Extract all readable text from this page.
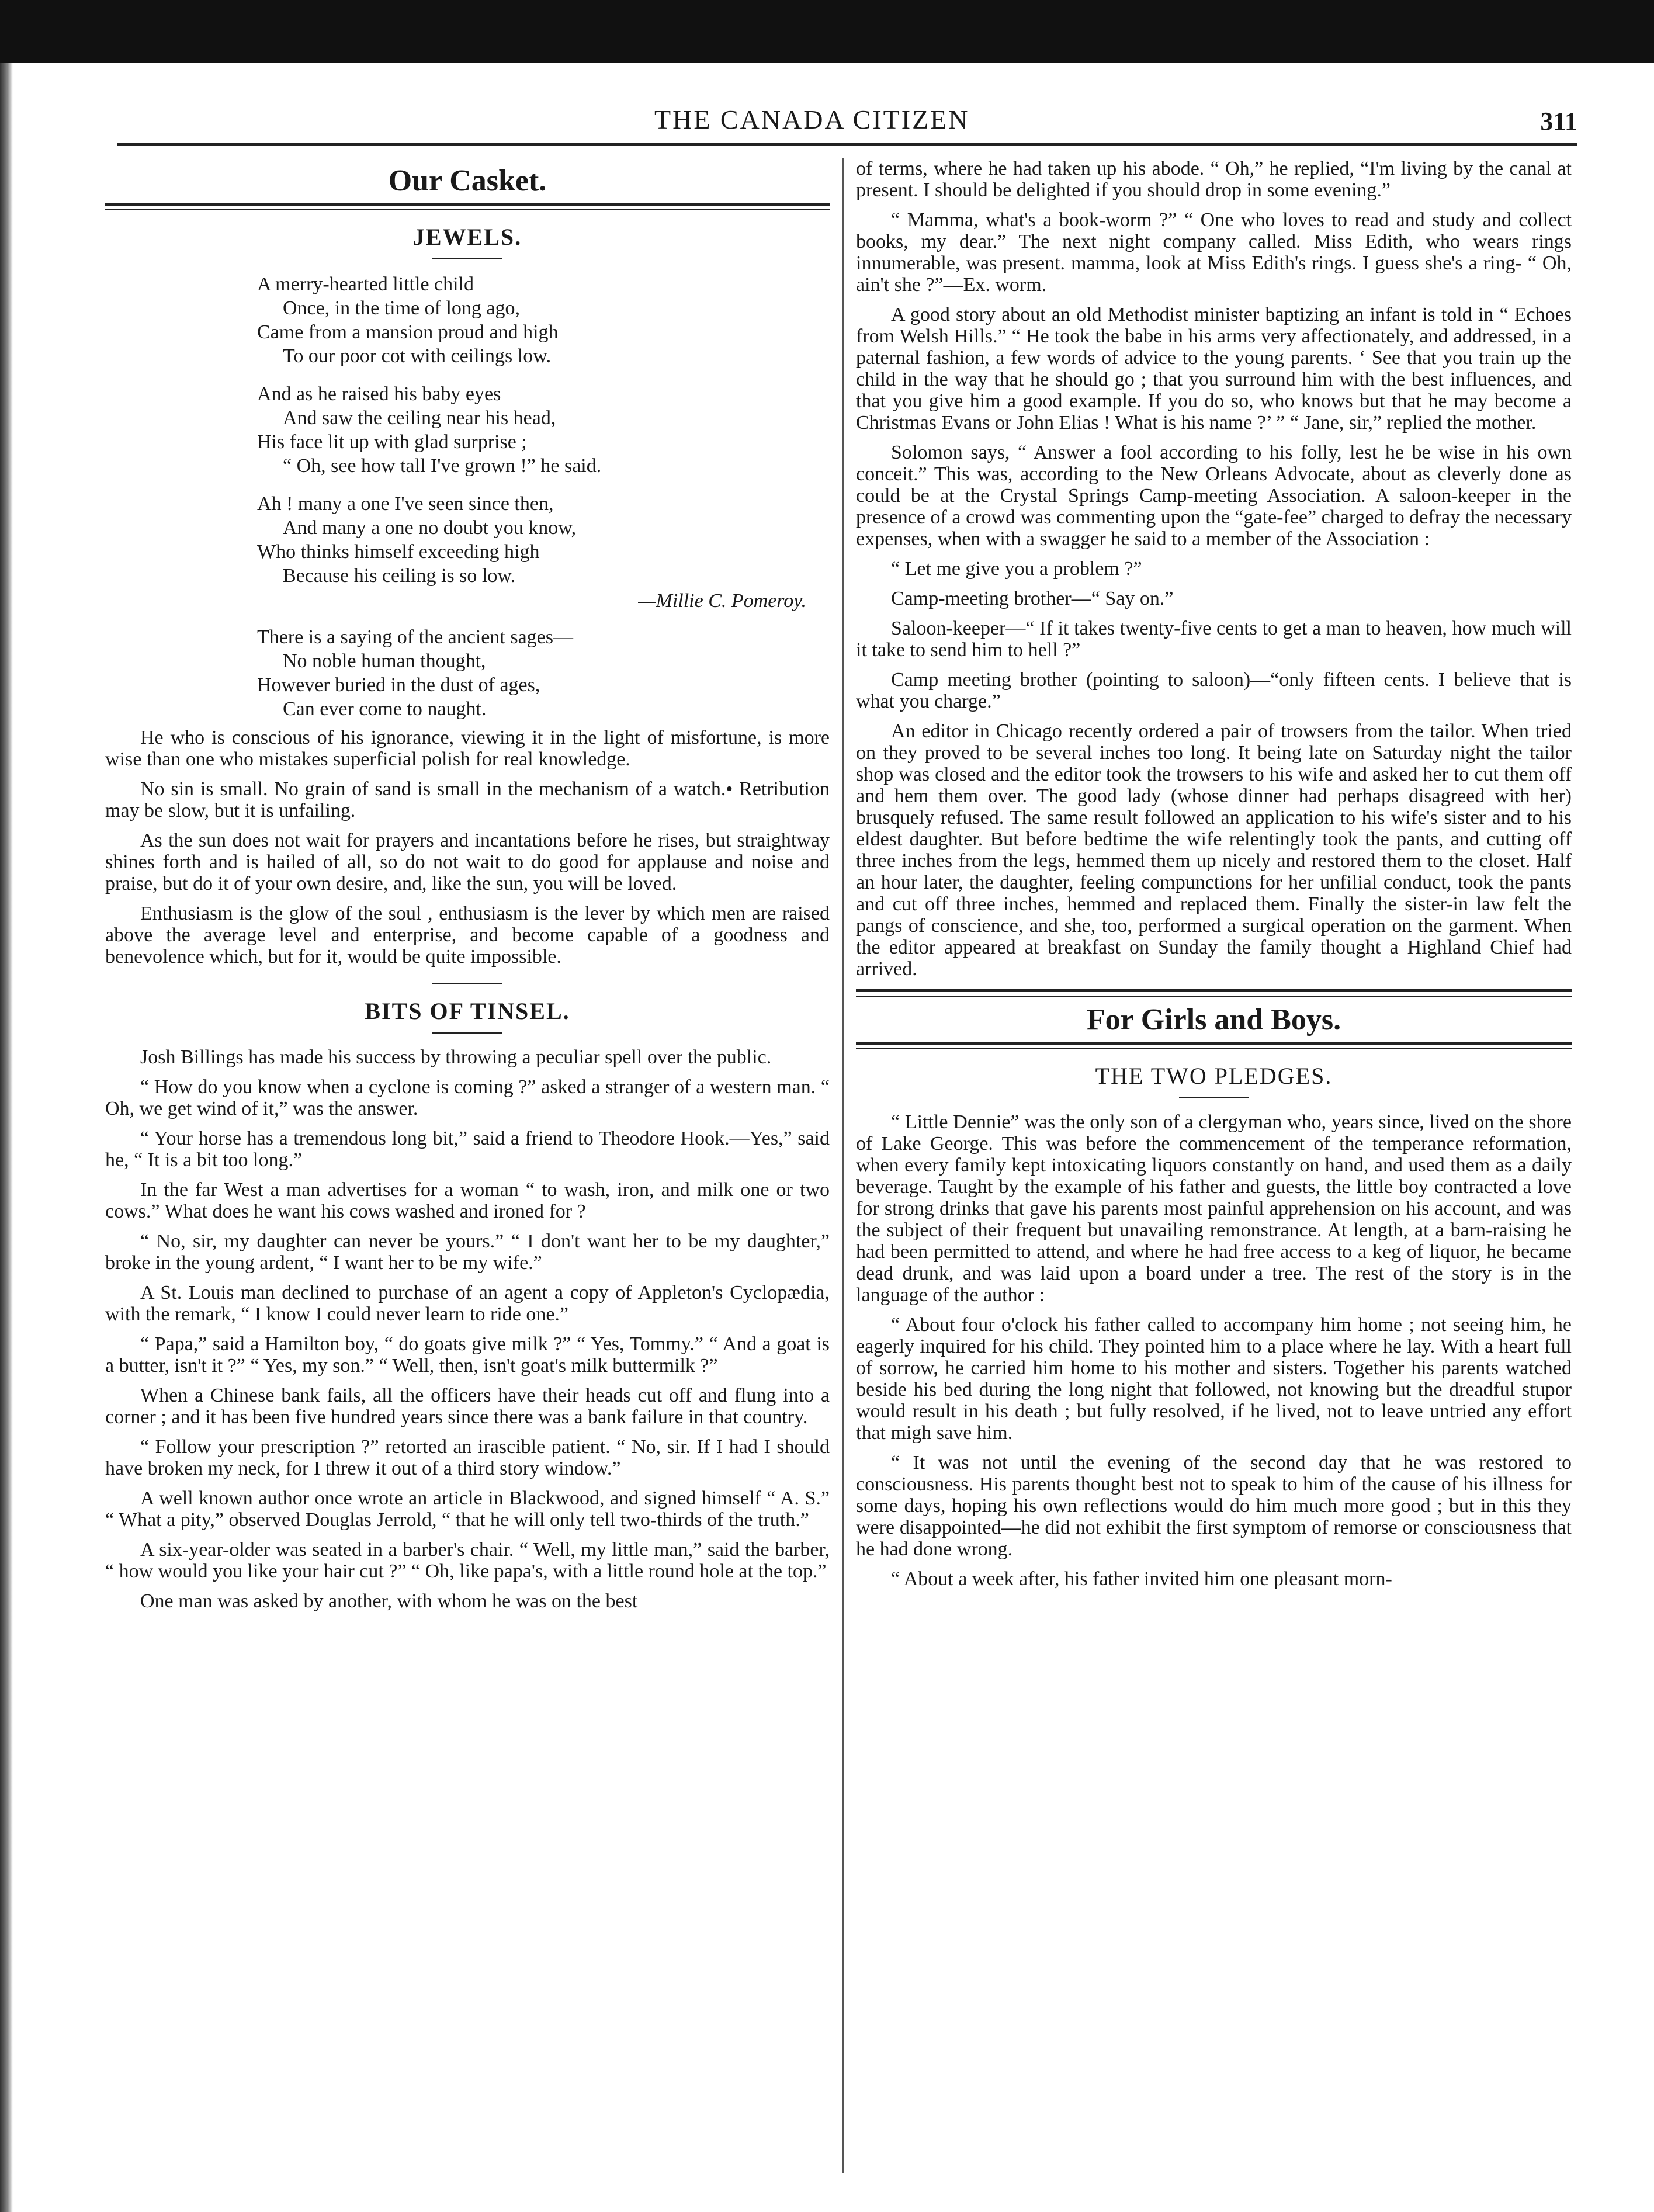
THE CANADA CITIZEN	311
Our Casket.
JEWELS.
A merry-hearted little child
Once, in the time of long ago,
Came from a mansion proud and high
To our poor cot with ceilings low.
And as he raised his baby eyes
And saw the ceiling near his head,
His face lit up with glad surprise ;
“ Oh, see how tall I've grown !” he said.
Ah ! many a one I've seen since then,
And many a one no doubt you know,
Who thinks himself exceeding high
Because his ceiling is so low.
—Millie C. Pomeroy.
There is a saying of the ancient sages—
No noble human thought,
However buried in the dust of ages,
Can ever come to naught.

He who is conscious of his ignorance, viewing it in the light of misfortune, is more wise than one who mistakes superficial polish for real knowledge.

No sin is small. No grain of sand is small in the mechanism of a watch.• Retribution may be slow, but it is unfailing.

As the sun does not wait for prayers and incantations before he rises, but straightway shines forth and is hailed of all, so do not wait to do good for applause and noise and praise, but do it of your own desire, and, like the sun, you will be loved.

Enthusiasm is the glow of the soul , enthusiasm is the lever by which men are raised above the average level and enterprise, and become capable of a goodness and benevolence which, but for it, would be quite impossible.

BITS OF TINSEL.

Josh Billings has made his success by throwing a peculiar spell over the public.

“ How do you know when a cyclone is coming ?” asked a stranger of a western man. “ Oh, we get wind of it,” was the answer.

“ Your horse has a tremendous long bit,” said a friend to Theodore Hook.—Yes,” said he, “ It is a bit too long.”

In the far West a man advertises for a woman “ to wash, iron, and milk one or two cows.” What does he want his cows washed and ironed for ?

“ No, sir, my daughter can never be yours.” “ I don't want her to be my daughter,” broke in the young ardent, “ I want her to be my wife.”

A St. Louis man declined to purchase of an agent a copy of Appleton's Cyclopædia, with the remark, “ I know I could never learn to ride one.”

“ Papa,” said a Hamilton boy, “ do goats give milk ?” “ Yes, Tommy.” “ And a goat is a butter, isn't it ?” “ Yes, my son.” “ Well, then, isn't goat's milk buttermilk ?”

When a Chinese bank fails, all the officers have their heads cut off and flung into a corner ; and it has been five hundred years since there was a bank failure in that country.

“ Follow your prescription ?” retorted an irascible patient. “ No, sir. If I had I should have broken my neck, for I threw it out of a third story window.”

A well known author once wrote an article in Blackwood, and signed himself “ A. S.” “ What a pity,” observed Douglas Jerrold, “ that he will only tell two-thirds of the truth.”

A six-year-older was seated in a barber's chair. “ Well, my little man,” said the barber, “ how would you like your hair cut ?” “ Oh, like papa's, with a little round hole at the top.”

One man was asked by another, with whom he was on the best

of terms, where he had taken up his abode. “ Oh,” he replied, “I'm living by the canal at present. I should be delighted if you should drop in some evening.”

“ Mamma, what's a book-worm ?” “ One who loves to read and study and collect books, my dear.” The next night company called. Miss Edith, who wears rings innumerable, was present. mamma, look at Miss Edith's rings. I guess she's a ring- “ Oh, ain't she ?”—Ex. worm.

A good story about an old Methodist minister baptizing an infant is told in “ Echoes from Welsh Hills.” “ He took the babe in his arms very affectionately, and addressed, in a paternal fashion, a few words of advice to the young parents. ‘ See that you train up the child in the way that he should go ; that you surround him with the best influences, and that you give him a good example. If you do so, who knows but that he may become a Christmas Evans or John Elias ! What is his name ?’ ” “ Jane, sir,” replied the mother.

Solomon says, “ Answer a fool according to his folly, lest he be wise in his own conceit.” This was, according to the New Orleans Advocate, about as cleverly done as could be at the Crystal Springs Camp-meeting Association. A saloon-keeper in the presence of a crowd was commenting upon the “gate-fee” charged to defray the necessary expenses, when with a swagger he said to a member of the Association :

“ Let me give you a problem ?”

Camp-meeting brother—“ Say on.”

Saloon-keeper—“ If it takes twenty-five cents to get a man to heaven, how much will it take to send him to hell ?”

Camp meeting brother (pointing to saloon)—“only fifteen cents. I believe that is what you charge.”

An editor in Chicago recently ordered a pair of trowsers from the tailor. When tried on they proved to be several inches too long. It being late on Saturday night the tailor shop was closed and the editor took the trowsers to his wife and asked her to cut them off and hem them over. The good lady (whose dinner had perhaps disagreed with her) brusquely refused. The same result followed an application to his wife's sister and to his eldest daughter. But before bedtime the wife relentingly took the pants, and cutting off three inches from the legs, hemmed them up nicely and restored them to the closet. Half an hour later, the daughter, feeling compunctions for her unfilial conduct, took the pants and cut off three inches, hemmed and replaced them. Finally the sister-in law felt the pangs of conscience, and she, too, performed a surgical operation on the garment. When the editor appeared at breakfast on Sunday the family thought a Highland Chief had arrived.

For Girls and Boys.
THE TWO PLEDGES.

“ Little Dennie” was the only son of a clergyman who, years since, lived on the shore of Lake George. This was before the commencement of the temperance reformation, when every family kept intoxicating liquors constantly on hand, and used them as a daily beverage. Taught by the example of his father and guests, the little boy contracted a love for strong drinks that gave his parents most painful apprehension on his account, and was the subject of their frequent but unavailing remonstrance. At length, at a barn-raising he had been permitted to attend, and where he had free access to a keg of liquor, he became dead drunk, and was laid upon a board under a tree. The rest of the story is in the language of the author :

“ About four o'clock his father called to accompany him home ; not seeing him, he eagerly inquired for his child. They pointed him to a place where he lay. With a heart full of sorrow, he carried him home to his mother and sisters. Together his parents watched beside his bed during the long night that followed, not knowing but the dreadful stupor would result in his death ; but fully resolved, if he lived, not to leave untried any effort that migh save him.

“ It was not until the evening of the second day that he was restored to consciousness. His parents thought best not to speak to him of the cause of his illness for some days, hoping his own reflections would do him much more good ; but in this they were disappointed—he did not exhibit the first symptom of remorse or consciousness that he had done wrong.

“ About a week after, his father invited him one pleasant morn-
